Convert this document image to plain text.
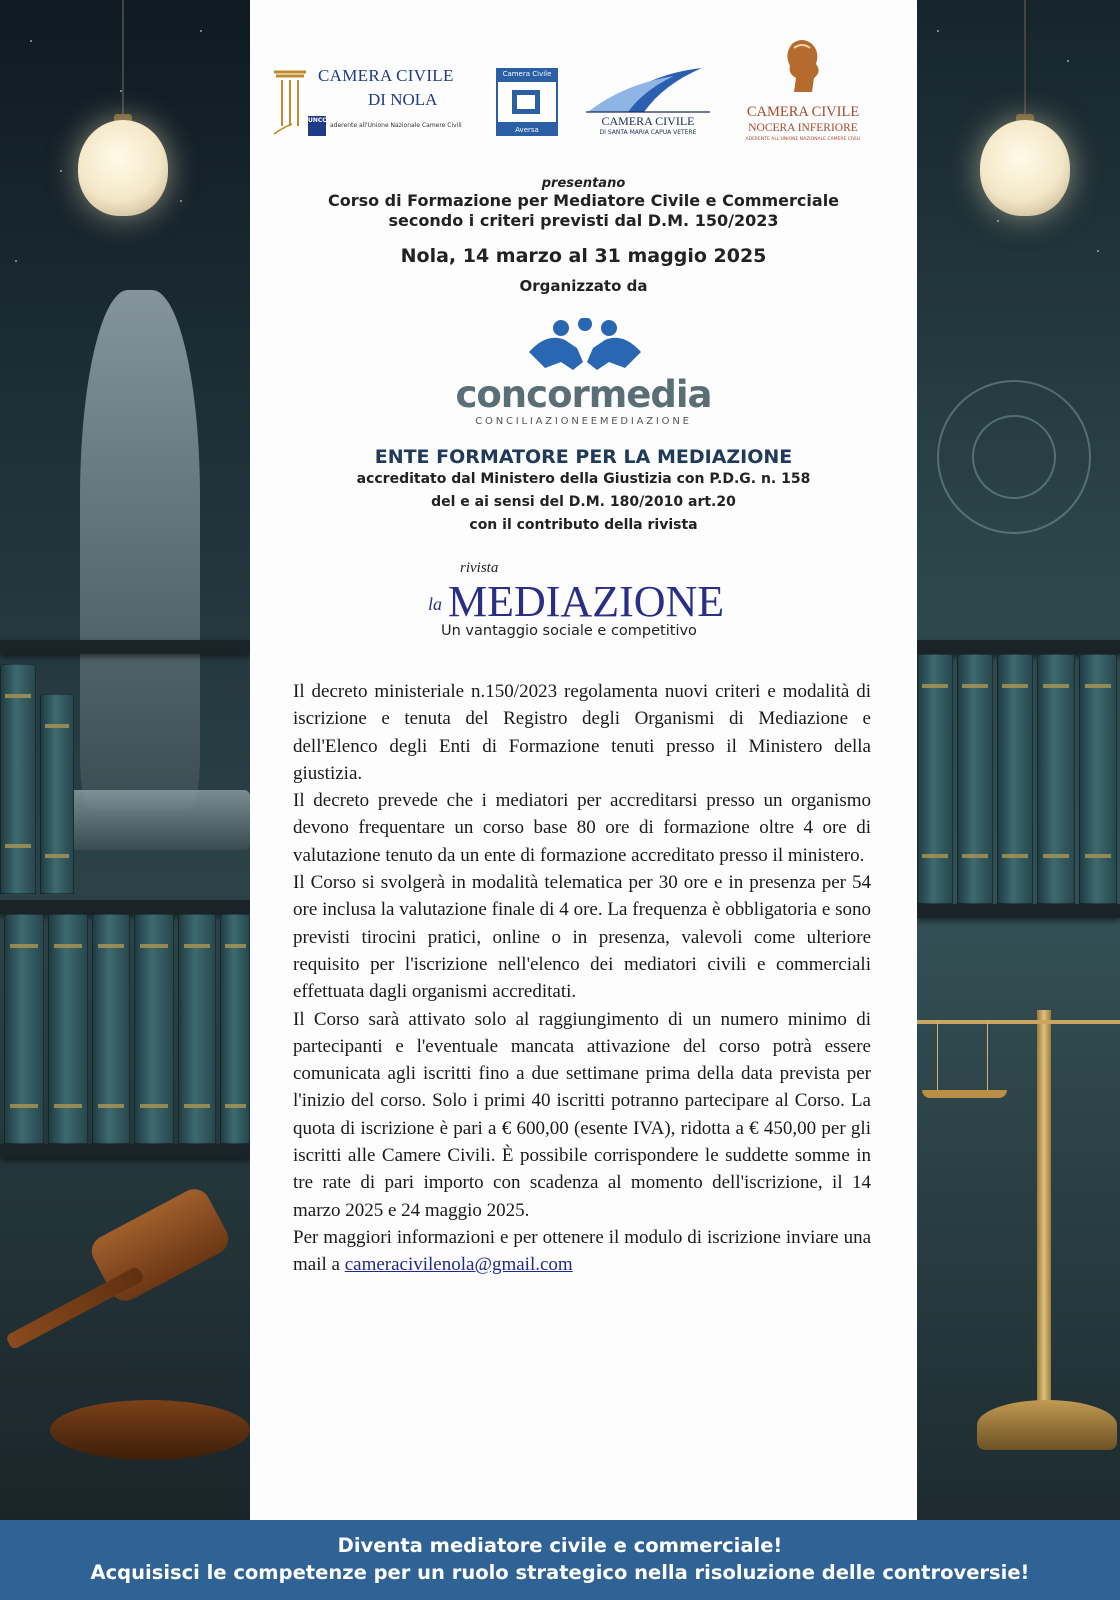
CAMERA CIVILE
DI NOLA
UNCC
aderente all'Unione Nazionale Camere Civili
Camera Civile
Aversa
CAMERA CIVILE
DI SANTA MARIA CAPUA VETERE
CAMERA CIVILE
NOCERA INFERIORE
ADERENTE ALL'UNIONE NAZIONALE CAMERE CIVILI
presentano
Corso di Formazione per Mediatore Civile e Commerciale
secondo i criteri previsti dal D.M. 150/2023
Nola, 14 marzo al 31 maggio 2025
Organizzato da
concormedia
CONCILIAZIONEEMEDIAZIONE
ENTE FORMATORE PER LA MEDIAZIONE
accreditato dal Ministero della Giustizia con P.D.G. n. 158
del e ai sensi del D.M. 180/2010 art.20
con il contributo della rivista
rivista
la MEDIAZIONE
Un vantaggio sociale e competitivo

Il decreto ministeriale n.150/2023 regolamenta nuovi criteri e modalità di iscrizione e tenuta del Registro degli Organismi di Mediazione e dell'Elenco degli Enti di Formazione tenuti presso il Ministero della giustizia.

Il decreto prevede che i mediatori per accreditarsi presso un organismo devono frequentare un corso base 80 ore di formazione oltre 4 ore di valutazione tenuto da un ente di formazione accreditato presso il ministero.

Il Corso si svolgerà in modalità telematica per 30 ore e in presenza per 54 ore inclusa la valutazione finale di 4 ore. La frequenza è obbligatoria e sono previsti tirocini pratici, online o in presenza, valevoli come ulteriore requisito per l'iscrizione nell'elenco dei mediatori civili e commerciali effettuata dagli organismi accreditati.

Il Corso sarà attivato solo al raggiungimento di un numero minimo di partecipanti e l'eventuale mancata attivazione del corso potrà essere comunicata agli iscritti fino a due settimane prima della data prevista per l'inizio del corso. Solo i primi 40 iscritti potranno partecipare al Corso. La quota di iscrizione è pari a € 600,00 (esente IVA), ridotta a € 450,00 per gli iscritti alle Camere Civili. È possibile corrispondere le suddette somme in tre rate di pari importo con scadenza al momento dell'iscrizione, il 14 marzo 2025 e 24 maggio 2025.

Per maggiori informazioni e per ottenere il modulo di iscrizione inviare una mail a cameracivilenola@gmail.com

Diventa mediatore civile e commerciale!
Acquisisci le competenze per un ruolo strategico nella risoluzione delle controversie!
